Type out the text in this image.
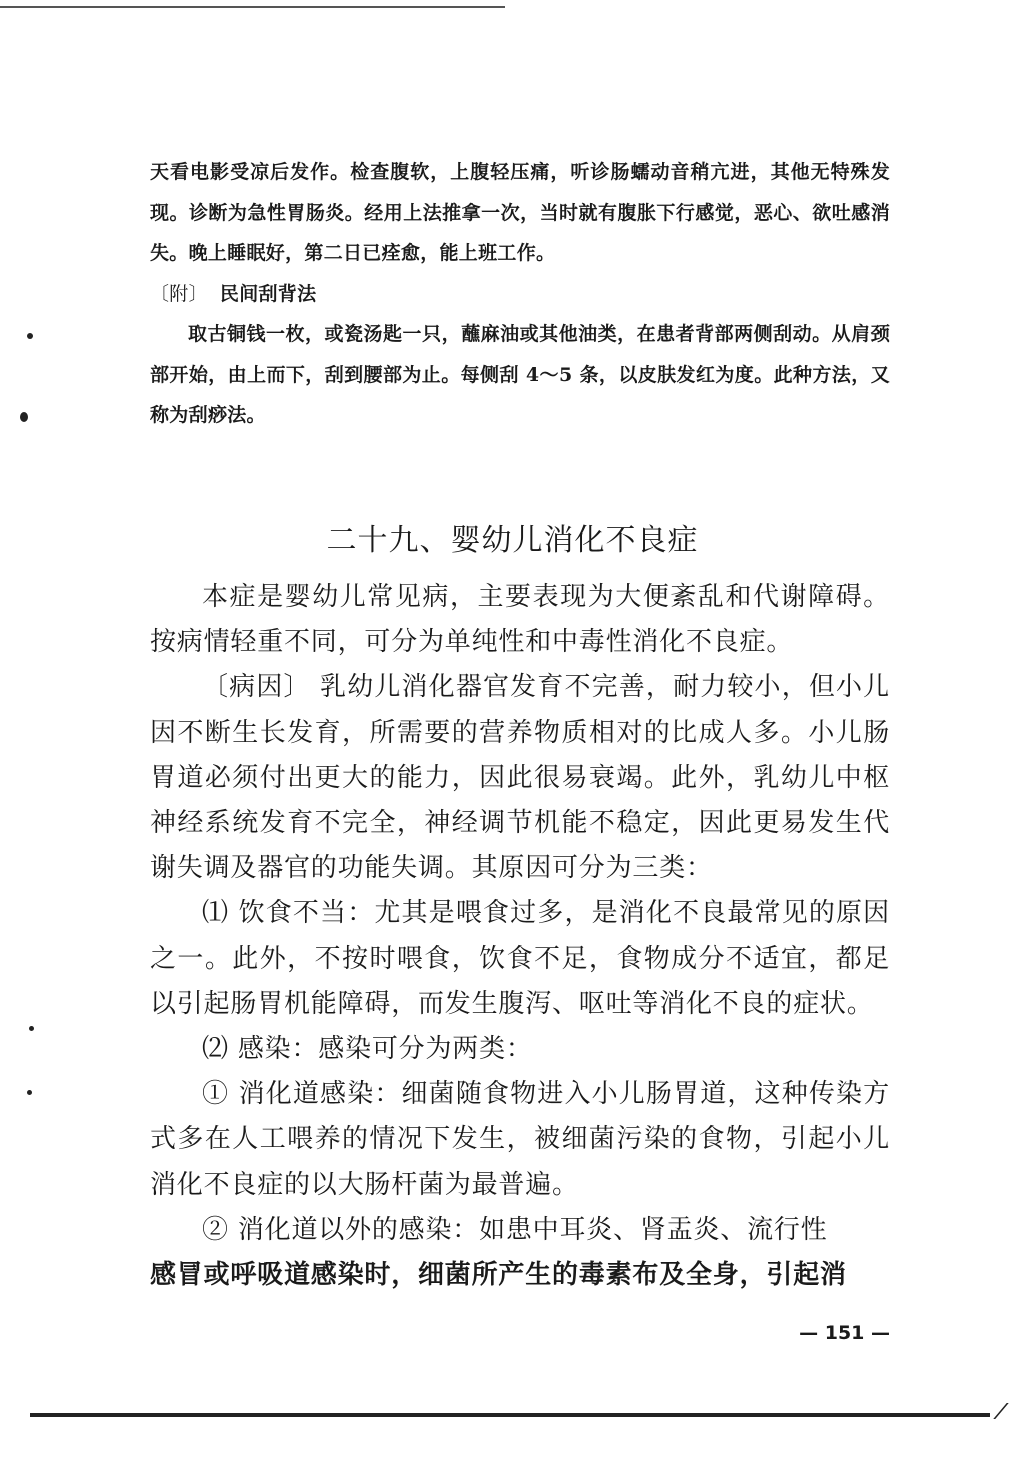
天看电影受凉后发作。检查腹软，上腹轻压痛，听诊肠蠕动音稍亢进，其他无特殊发现。诊断为急性胃肠炎。经用上法推拿一次，当时就有腹胀下行感觉，恶心、欲吐感消失。晚上睡眠好，第二日已痊愈，能上班工作。

〔附〕 民间刮背法

取古铜钱一枚，或瓷汤匙一只，蘸麻油或其他油类，在患者背部两侧刮动。从肩颈部开始，由上而下，刮到腰部为止。每侧刮 4～5 条，以皮肤发红为度。此种方法，又称为刮痧法。

二十九、婴幼儿消化不良症

本症是婴幼儿常见病，主要表现为大便紊乱和代谢障碍。按病情轻重不同，可分为单纯性和中毒性消化不良症。

〔病因〕 乳幼儿消化器官发育不完善，耐力较小，但小儿因不断生长发育，所需要的营养物质相对的比成人多。小儿肠胃道必须付出更大的能力，因此很易衰竭。此外，乳幼儿中枢神经系统发育不完全，神经调节机能不稳定，因此更易发生代谢失调及器官的功能失调。其原因可分为三类：

⑴ 饮食不当：尤其是喂食过多，是消化不良最常见的原因之一。此外，不按时喂食，饮食不足，食物成分不适宜，都足以引起肠胃机能障碍，而发生腹泻、呕吐等消化不良的症状。

⑵ 感染：感染可分为两类：

① 消化道感染：细菌随食物进入小儿肠胃道，这种传染方式多在人工喂养的情况下发生，被细菌污染的食物，引起小儿消化不良症的以大肠杆菌为最普遍。

② 消化道以外的感染：如患中耳炎、肾盂炎、流行性

感冒或呼吸道感染时，细菌所产生的毒素布及全身，引起消

— 151 —
